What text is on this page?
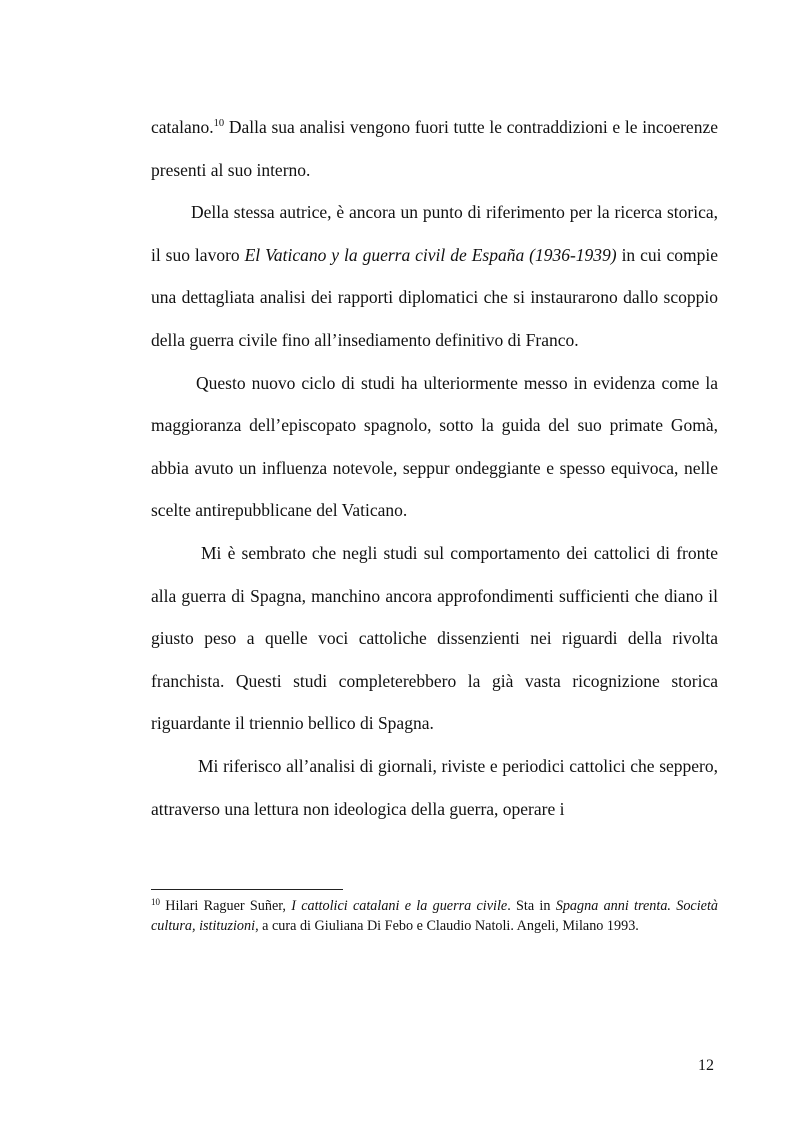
catalano.$^{10}$ Dalla sua analisi vengono fuori tutte le contraddizioni e le incoerenze presenti al suo interno.

Della stessa autrice, è ancora un punto di riferimento per la ricerca storica, il suo lavoro El Vaticano y la guerra civil de España (1936-1939) in cui compie una dettagliata analisi dei rapporti diplomatici che si instaurarono dallo scoppio della guerra civile fino all’insediamento definitivo di Franco.

Questo nuovo ciclo di studi ha ulteriormente messo in evidenza come la maggioranza dell’episcopato spagnolo, sotto la guida del suo primate Gomà, abbia avuto un influenza notevole, seppur ondeggiante e spesso equivoca, nelle scelte antirepubblicane del Vaticano.

Mi è sembrato che negli studi sul comportamento dei cattolici di fronte alla guerra di Spagna, manchino ancora approfondimenti sufficienti che diano il giusto peso a quelle voci cattoliche dissenzienti nei riguardi della rivolta franchista. Questi studi completerebbero la già vasta ricognizione storica riguardante il triennio bellico di Spagna.

Mi riferisco all’analisi di giornali, riviste e periodici cattolici che seppero, attraverso una lettura non ideologica della guerra, operare i

$^{10}$ Hilari Raguer Suñer, I cattolici catalani e la guerra civile. Sta in Spagna anni trenta. Società cultura, istituzioni, a cura di Giuliana Di Febo e Claudio Natoli. Angeli, Milano 1993.
12
